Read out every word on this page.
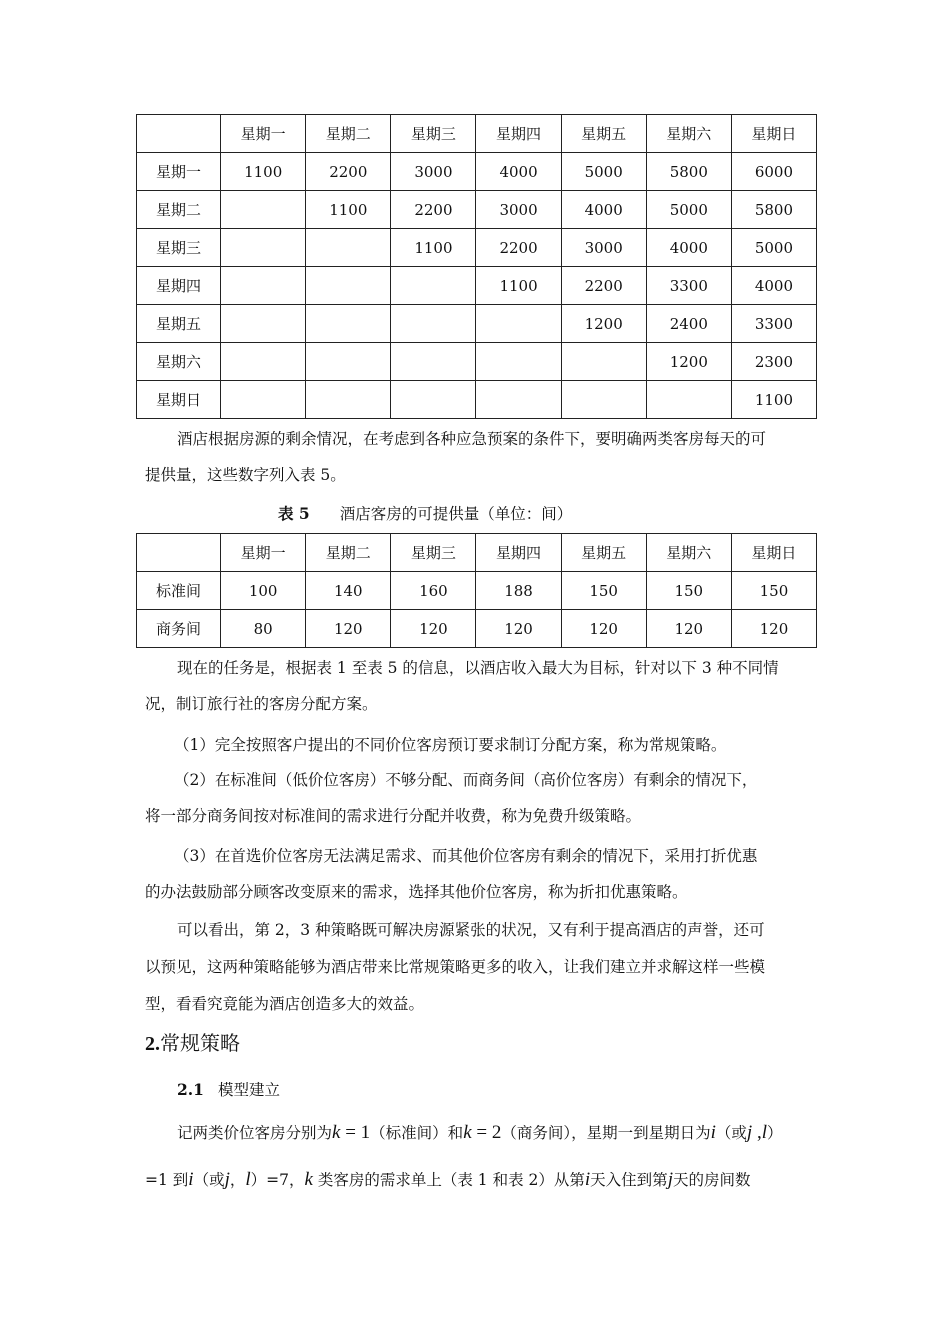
	星期一	星期二	星期三	星期四	星期五	星期六	星期日
星期一	1100	2200	3000	4000	5000	5800	6000
星期二		1100	2200	3000	4000	5000	5800
星期三			1100	2200	3000	4000	5000
星期四				1100	2200	3300	4000
星期五					1200	2400	3300
星期六						1200	2300
星期日							1100
酒店根据房源的剩余情况，在考虑到各种应急预案的条件下，要明确两类客房每天的可
提供量，这些数字列入表 5。
表 5 酒店客房的可提供量（单位：间）
	星期一	星期二	星期三	星期四	星期五	星期六	星期日
标准间	100	140	160	188	150	150	150
商务间	80	120	120	120	120	120	120
现在的任务是，根据表 1 至表 5 的信息，以酒店收入最大为目标，针对以下 3 种不同情
况，制订旅行社的客房分配方案。
（1）完全按照客户提出的不同价位客房预订要求制订分配方案，称为常规策略。
（2）在标准间（低价位客房）不够分配、而商务间（高价位客房）有剩余的情况下，
将一部分商务间按对标准间的需求进行分配并收费，称为免费升级策略。
（3）在首选价位客房无法满足需求、而其他价位客房有剩余的情况下，采用打折优惠
的办法鼓励部分顾客改变原来的需求，选择其他价位客房，称为折扣优惠策略。
可以看出，第 2，3 种策略既可解决房源紧张的状况，又有利于提高酒店的声誉，还可
以预见，这两种策略能够为酒店带来比常规策略更多的收入，让我们建立并求解这样一些模
型，看看究竟能为酒店创造多大的效益。
2.常规策略
2.1 模型建立
记两类价位客房分别为k = 1（标准间）和k = 2（商务间），星期一到星期日为i（或j ,l）
=1 到i（或j，l）=7，k 类客房的需求单上（表 1 和表 2）从第i天入住到第j天的房间数
